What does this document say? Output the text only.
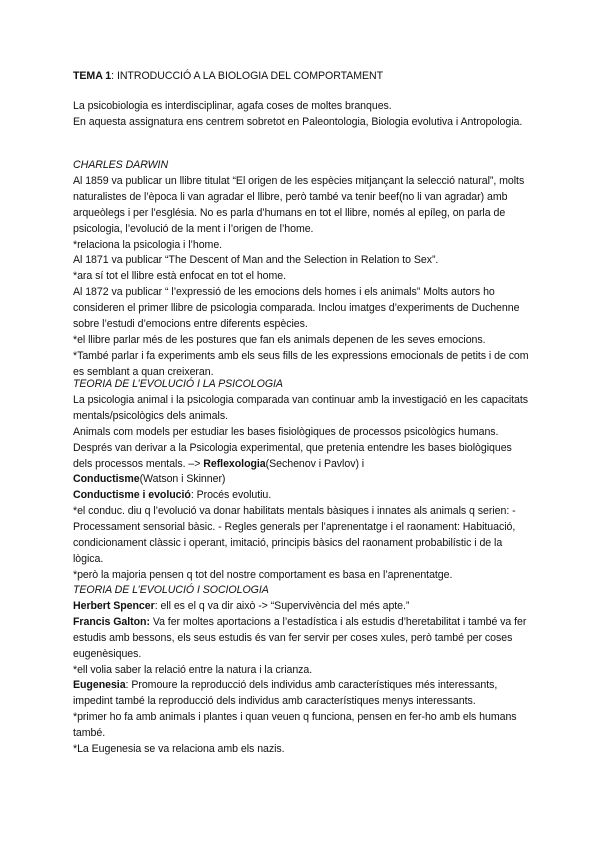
TEMA 1: INTRODUCCIÓ A LA BIOLOGIA DEL COMPORTAMENT

La psicobiologia es interdisciplinar, agafa coses de moltes branques.

En aquesta assignatura ens centrem sobretot en Paleontologia, Biologia evolutiva i Antropologia.

CHARLES DARWIN

Al 1859 va publicar un llibre titulat “El origen de les espècies mitjançant la selecció natural”, molts naturalistes de l’època li van agradar el llibre, però també va tenir beef(no li van agradar) amb arqueòlegs i per l’església. No es parla d’humans en tot el llibre, només al epíleg, on parla de psicologia, l’evolució de la ment i l’origen de l’home.

*relaciona la psicologia i l’home.

Al 1871 va publicar “The Descent of Man and the Selection in Relation to Sex”.

*ara sí tot el llibre està enfocat en tot el home.

Al 1872 va publicar “ l’expressió de les emocions dels homes i els animals” Molts autors ho consideren el primer llibre de psicologia comparada. Inclou imatges d’experiments de Duchenne sobre l’estudi d’emocions entre diferents espècies.

*el llibre parlar més de les postures que fan els animals depenen de les seves emocions.

*També parlar i fa experiments amb els seus fills de les expressions emocionals de petits i de com es semblant a quan creixeran.

TEORIA DE L’EVOLUCIÓ I LA PSICOLOGIA

La psicologia animal i la psicologia comparada van continuar amb la investigació en les capacitats mentals/psicològics dels animals.

Animals com models per estudiar les bases fisiològiques de processos psicològics humans.

Després van derivar a la Psicologia experimental, que pretenia entendre les bases biològiques dels processos mentals. –> Reflexologia(Sechenov i Pavlov) i

Conductisme(Watson i Skinner)

Conductisme i evolució: Procés evolutiu.

*el conduc. diu q l’evolució va donar habilitats mentals bàsiques i innates als animals q serien: - Processament sensorial bàsic. - Regles generals per l’aprenentatge i el raonament: Habituació, condicionament clàssic i operant, imitació, principis bàsics del raonament probabilístic i de la lògica.

*però la majoria pensen q tot del nostre comportament es basa en l’aprenentatge.

TEORIA DE L’EVOLUCIÓ I SOCIOLOGIA

Herbert Spencer: ell es el q va dir això -> “Supervivència del més apte.”

Francis Galton: Va fer moltes aportacions a l’estadística i als estudis d’heretabilitat i també va fer estudis amb bessons, els seus estudis és van fer servir per coses xules, però també per coses eugenèsiques.

*ell volia saber la relació entre la natura i la crianza.

Eugenesia: Promoure la reproducció dels individus amb característiques més interessants, impedint també la reproducció dels individus amb característiques menys interessants.

*primer ho fa amb animals i plantes i quan veuen q funciona, pensen en fer-ho amb els humans també.

*La Eugenesia se va relaciona amb els nazis.
